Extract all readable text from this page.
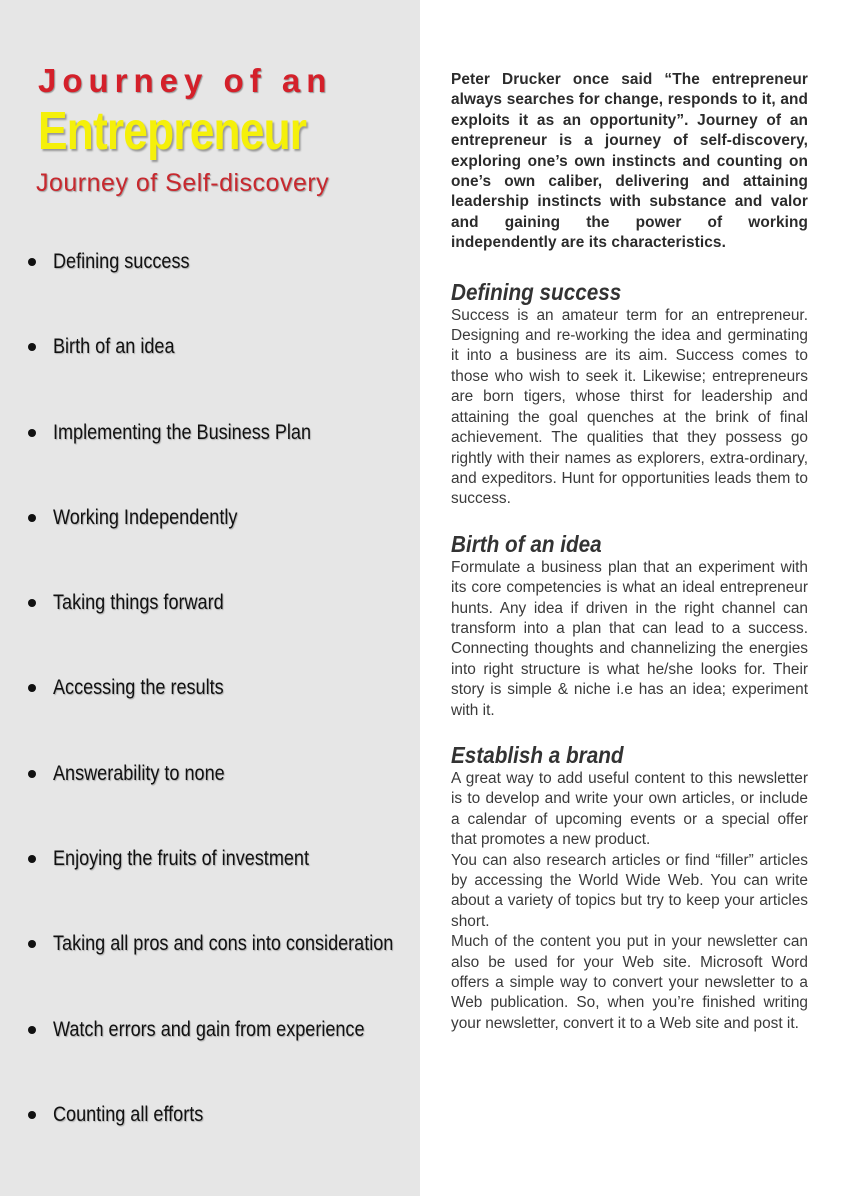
Journey of an
Entrepreneur
Journey of Self-discovery
Defining success
Birth of an idea
Implementing the Business Plan
Working Independently
Taking things forward
Accessing the results
Answerability to none
Enjoying the fruits of investment
Taking all pros and cons into consideration
Watch errors and gain from experience
Counting all efforts

Peter Drucker once said “The entrepreneur always searches for change, responds to it, and exploits it as an opportunity”. Journey of an entrepreneur is a journey of self-discovery, exploring one’s own instincts and counting on one’s own caliber, delivering and attaining leadership instincts with substance and valor and gaining the power of working independently are its characteristics.

Defining success

Success is an amateur term for an entrepreneur. Designing and re-working the idea and germinating it into a business are its aim. Success comes to those who wish to seek it. Likewise; entrepreneurs are born tigers, whose thirst for leadership and attaining the goal quenches at the brink of final achievement. The qualities that they possess go rightly with their names as explorers, extra-ordinary, and expeditors. Hunt for opportunities leads them to success.

Birth of an idea

Formulate a business plan that an experiment with its core competencies is what an ideal entrepreneur hunts. Any idea if driven in the right channel can transform into a plan that can lead to a success. Connecting thoughts and channelizing the energies into right structure is what he/she looks for. Their story is simple & niche i.e has an idea; experiment with it.

Establish a brand

A great way to add useful content to this newsletter is to develop and write your own articles, or include a calendar of upcoming events or a special offer that promotes a new product.

You can also research articles or find “filler” articles by accessing the World Wide Web. You can write about a variety of topics but try to keep your articles short.

Much of the content you put in your newsletter can also be used for your Web site. Microsoft Word offers a simple way to convert your newsletter to a Web publication. So, when you’re finished writing your newsletter, convert it to a Web site and post it.
